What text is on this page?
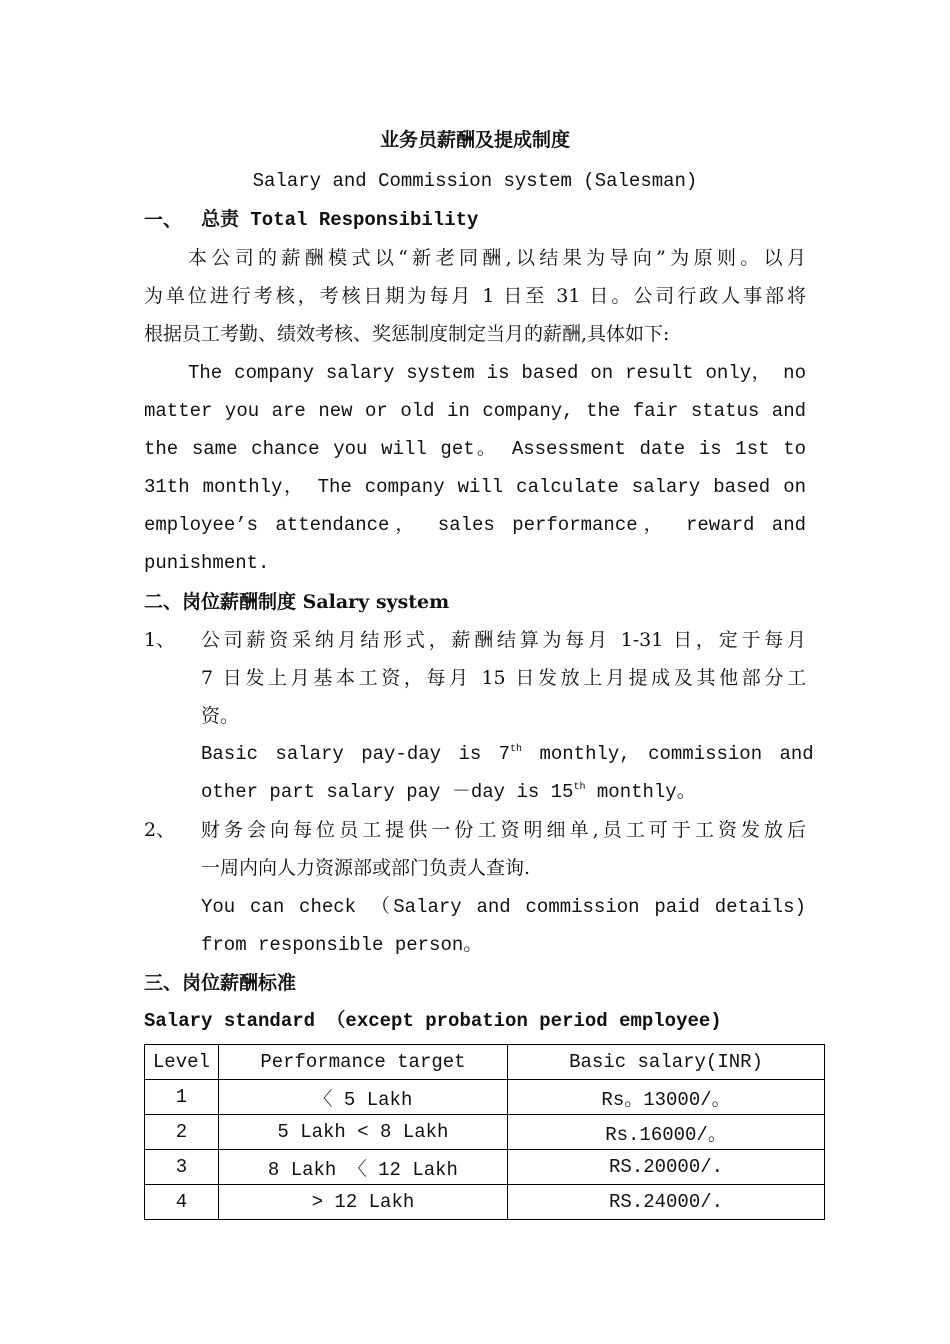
业务员薪酬及提成制度
Salary and Commission system (Salesman)
一、 总责 Total Responsibility
本公司的薪酬模式以“新老同酬,以结果为导向”为原则。以月
为单位进行考核，考核日期为每月 1 日至 31 日。公司行政人事部将
根据员工考勤、绩效考核、奖惩制度制定当月的薪酬,具体如下:
The company salary system is based on result only， no
matter you are new or old in company, the fair status and
the same chance you will get。 Assessment date is 1st to
31th monthly， The company will calculate salary based on
employee’s attendance， sales performance， reward and
punishment.
二、岗位薪酬制度 Salary system
1、 公司薪资采纳月结形式，薪酬结算为每月 1-31 日，定于每月
7 日发上月基本工资，每月 15 日发放上月提成及其他部分工
资。
Basic salary pay-day is 7th monthly, commission and
other part salary pay －day is 15th monthly。
2、 财务会向每位员工提供一份工资明细单,员工可于工资发放后
一周内向人力资源部或部门负责人查询.
You can check （Salary and commission paid details)
from responsible person。
三、岗位薪酬标准
Salary standard （except probation period employee)
Level	Performance target	Basic salary(INR)
1	〈 5 Lakh	Rs。13000/。
2	5 Lakh < 8 Lakh	Rs.16000/。
3	8 Lakh 〈 12 Lakh	RS.20000/.
4	> 12 Lakh	RS.24000/.
